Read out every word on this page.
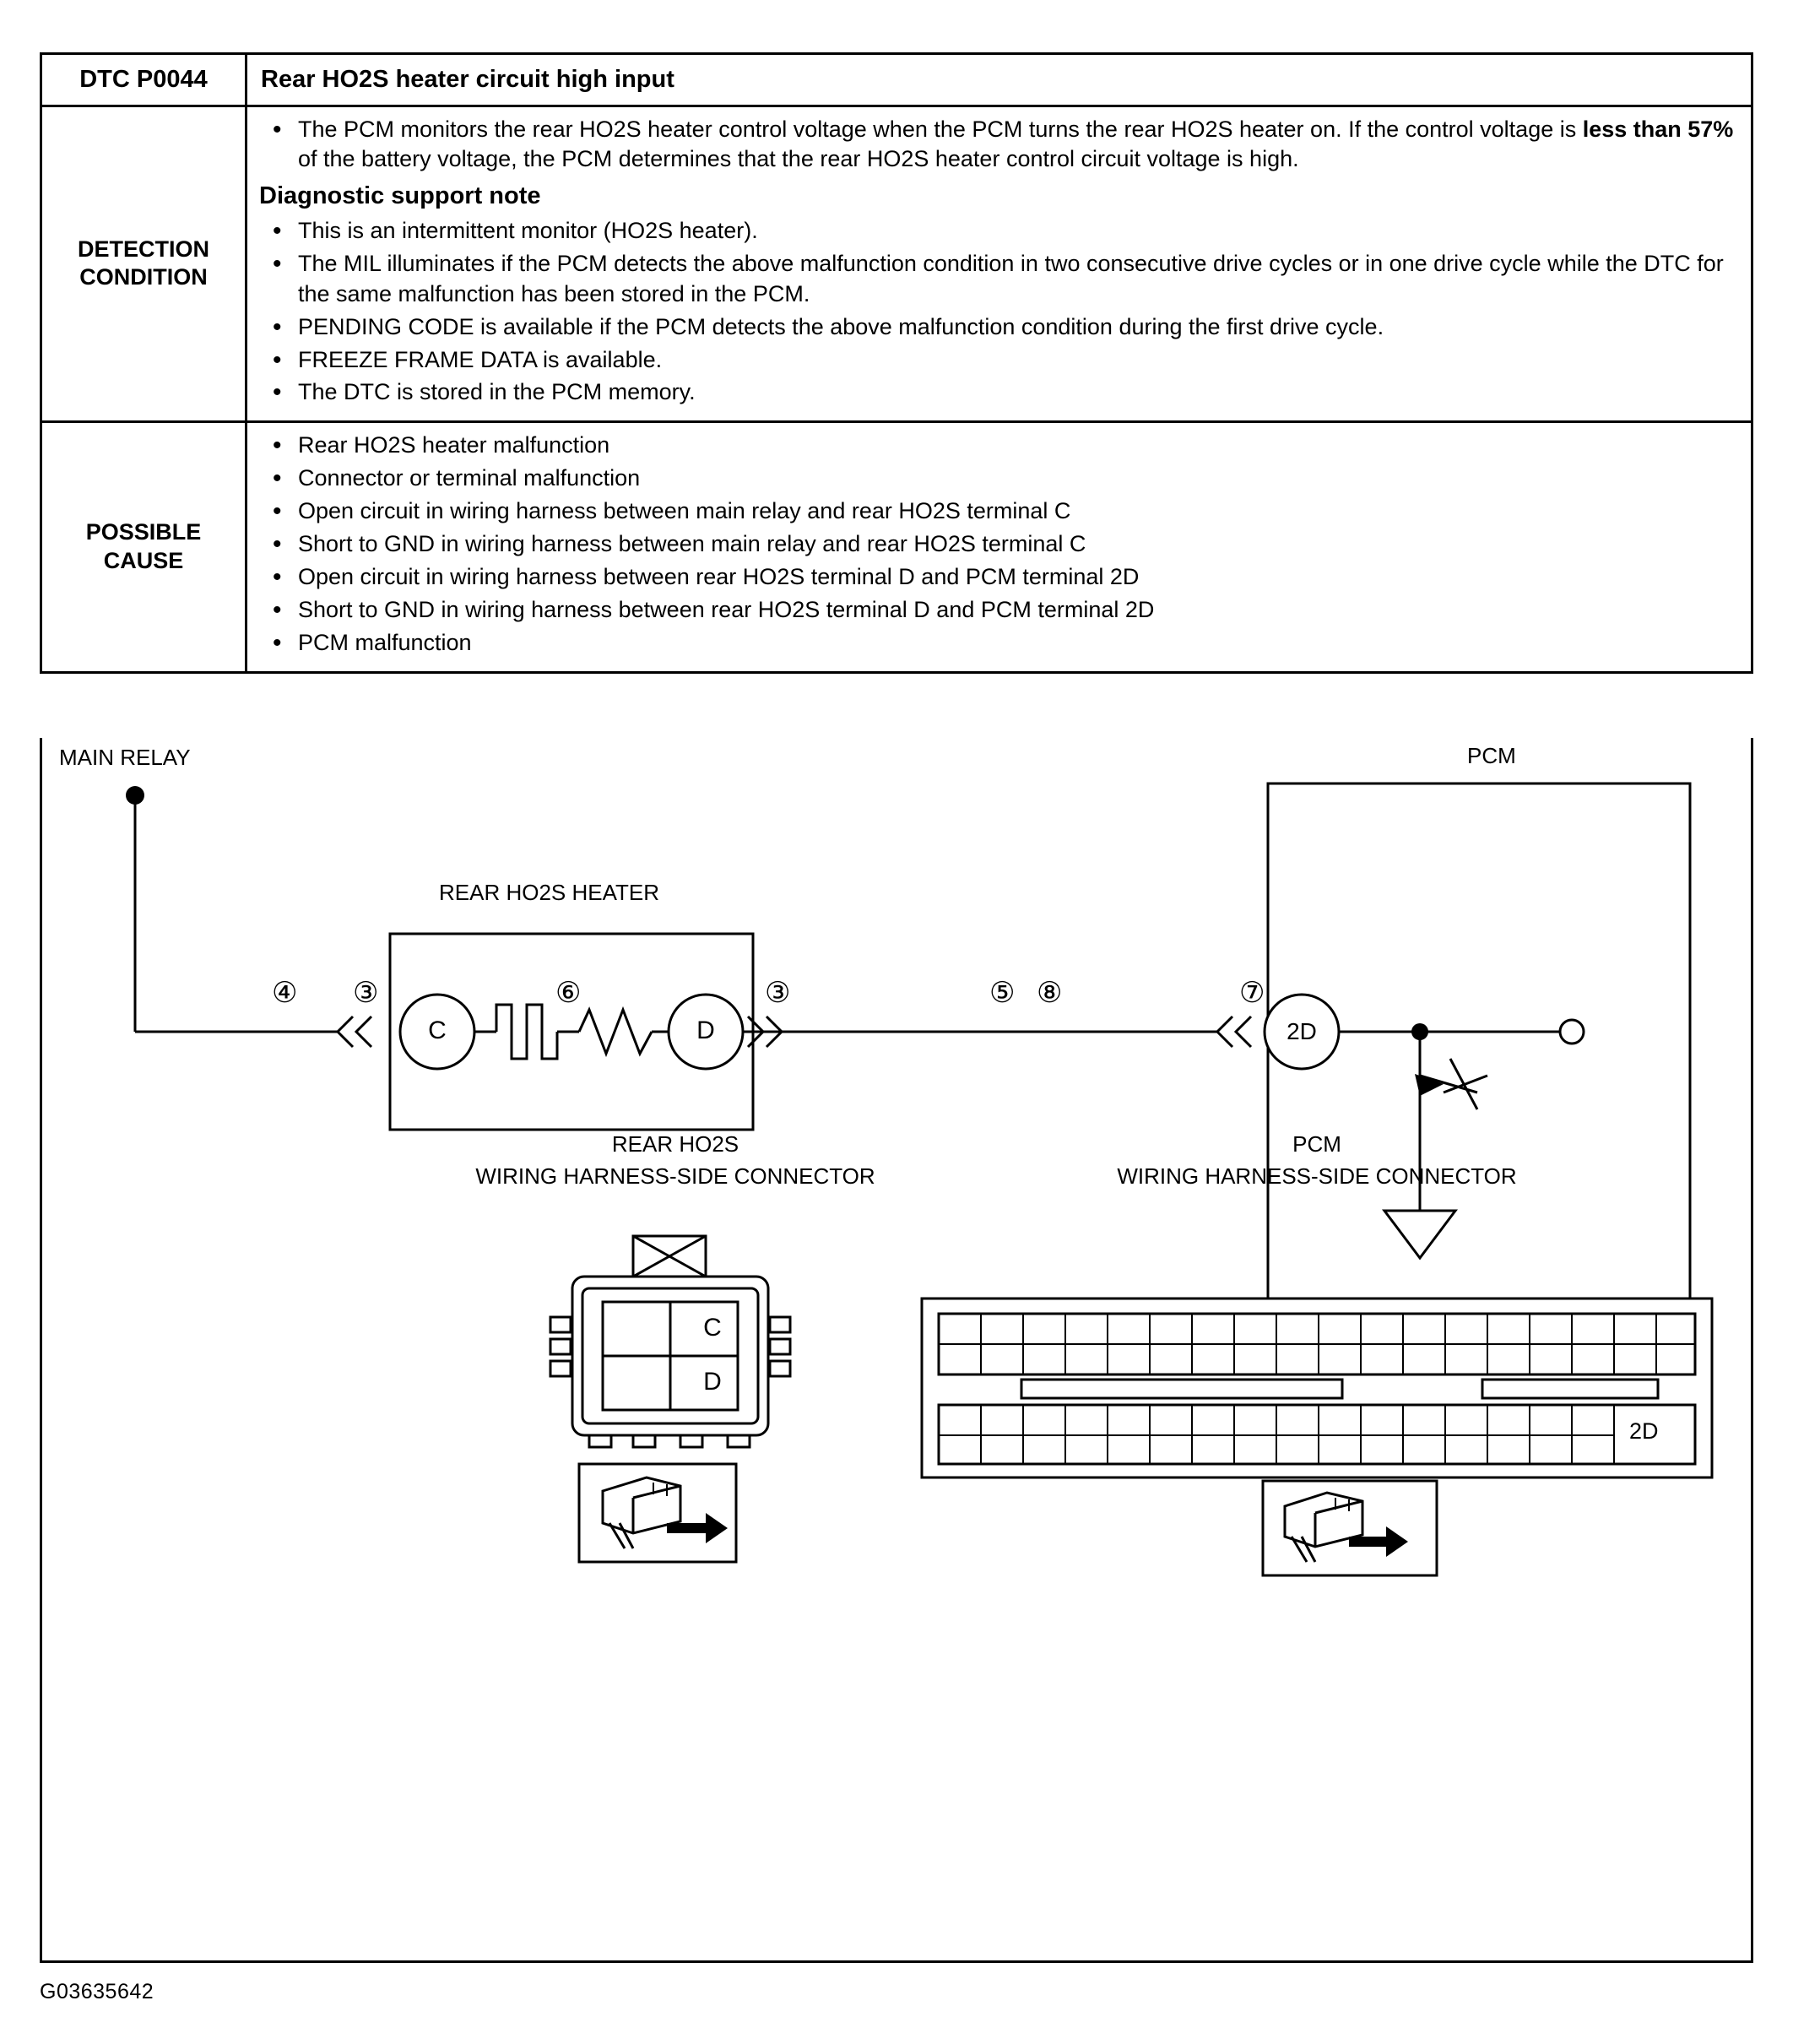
DTC P0044	Rear HO2S heater circuit high input
DETECTION
CONDITION
• The PCM monitors the rear HO2S heater control voltage when the PCM turns the rear HO2S heater on. If the control voltage is less than 57% of the battery voltage, the PCM determines that the rear HO2S heater control circuit voltage is high.
Diagnostic support note
• This is an intermittent monitor (HO2S heater).
• The MIL illuminates if the PCM detects the above malfunction condition in two consecutive drive cycles or in one drive cycle while the DTC for the same malfunction has been stored in the PCM.
• PENDING CODE is available if the PCM detects the above malfunction condition during the first drive cycle.
• FREEZE FRAME DATA is available.
• The DTC is stored in the PCM memory.
POSSIBLE
CAUSE
• Rear HO2S heater malfunction
• Connector or terminal malfunction
• Open circuit in wiring harness between main relay and rear HO2S terminal C
• Short to GND in wiring harness between main relay and rear HO2S terminal C
• Open circuit in wiring harness between rear HO2S terminal D and PCM terminal 2D
• Short to GND in wiring harness between rear HO2S terminal D and PCM terminal 2D
• PCM malfunction
MAIN RELAY	PCM
REAR HO2S HEATER
C	D	2D
④ ③	⑥	③	⑤ ⑧	⑦
REAR HO2S
WIRING HARNESS-SIDE CONNECTOR
C
D
PCM
WIRING HARNESS-SIDE CONNECTOR
2D
G03635642
